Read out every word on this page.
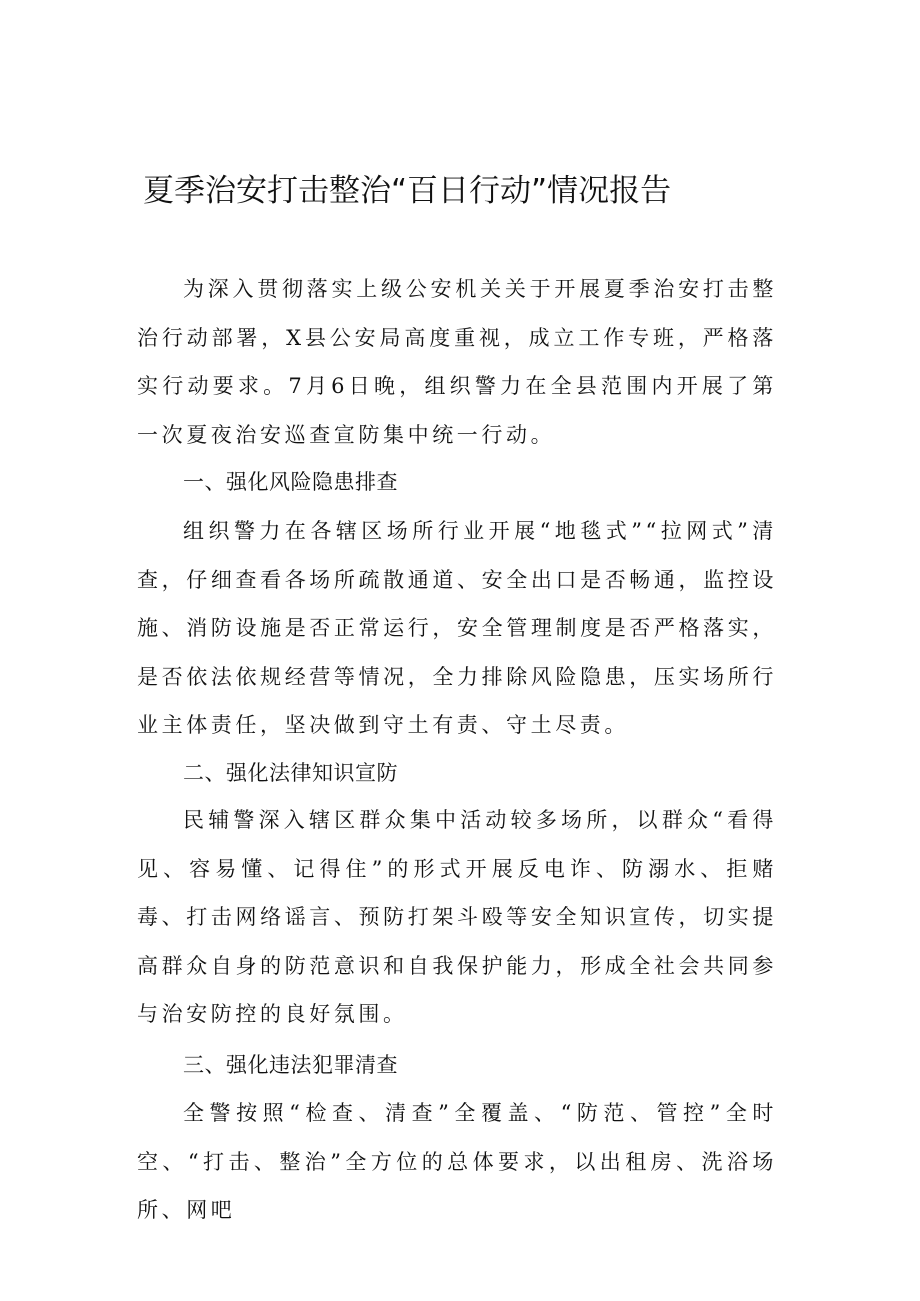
夏季治安打击整治“百日行动”情况报告

为深入贯彻落实上级公安机关关于开展夏季治安打击整治行动部署，X县公安局高度重视，成立工作专班，严格落实行动要求。7月6日晚，组织警力在全县范围内开展了第一次夏夜治安巡查宣防集中统一行动。

一、强化风险隐患排查

组织警力在各辖区场所行业开展“地毯式”“拉网式”清查，仔细查看各场所疏散通道、安全出口是否畅通，监控设施、消防设施是否正常运行，安全管理制度是否严格落实，是否依法依规经营等情况，全力排除风险隐患，压实场所行业主体责任，坚决做到守土有责、守土尽责。

二、强化法律知识宣防

民辅警深入辖区群众集中活动较多场所，以群众“看得见、容易懂、记得住”的形式开展反电诈、防溺水、拒赌毒、打击网络谣言、预防打架斗殴等安全知识宣传，切实提高群众自身的防范意识和自我保护能力，形成全社会共同参与治安防控的良好氛围。

三、强化违法犯罪清查

全警按照“检查、清查”全覆盖、“防范、管控”全时空、“打击、整治”全方位的总体要求，以出租房、洗浴场所、网吧
